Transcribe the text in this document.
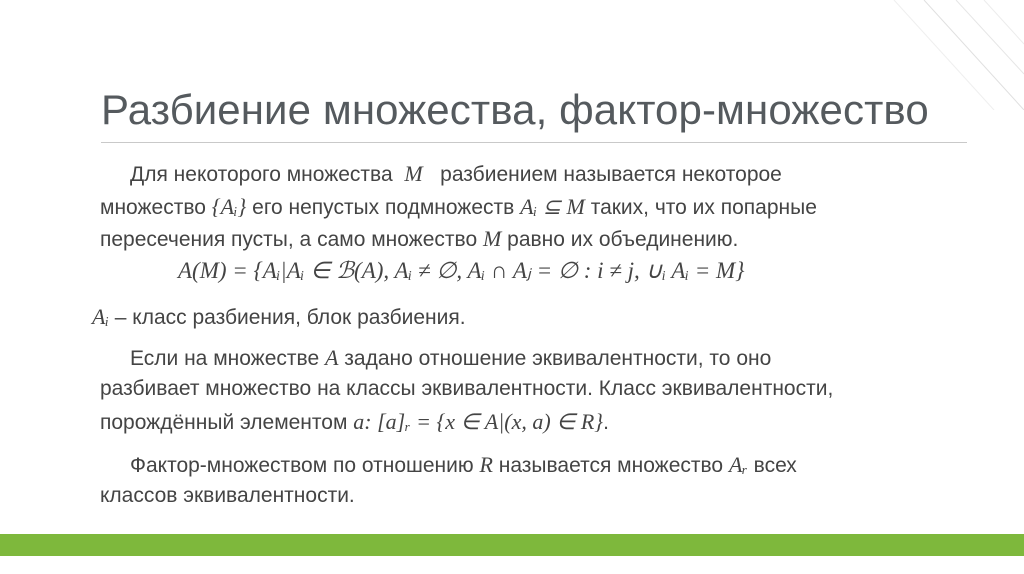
Разбиение множества, фактор-множество
Для некоторого множества M разбиением называется некоторое
множество {Aᵢ} его непустых подмножеств Aᵢ ⊆ M таких, что их попарные
пересечения пусты, а само множество M равно их объединению.
A(M) = {Aᵢ|Aᵢ ∈ ℬ(A), Aᵢ ≠ ∅, Aᵢ ∩ Aⱼ = ∅ : i ≠ j, ∪ᵢ Aᵢ = M}
Aᵢ – класс разбиения, блок разбиения.
Если на множестве A задано отношение эквивалентности, то оно
разбивает множество на классы эквивалентности. Класс эквивалентности,
порождённый элементом a: [a]ᵣ = {x ∈ A|(x, a) ∈ R}.
Фактор-множеством по отношению R называется множество Aᵣ всех
классов эквивалентности.
